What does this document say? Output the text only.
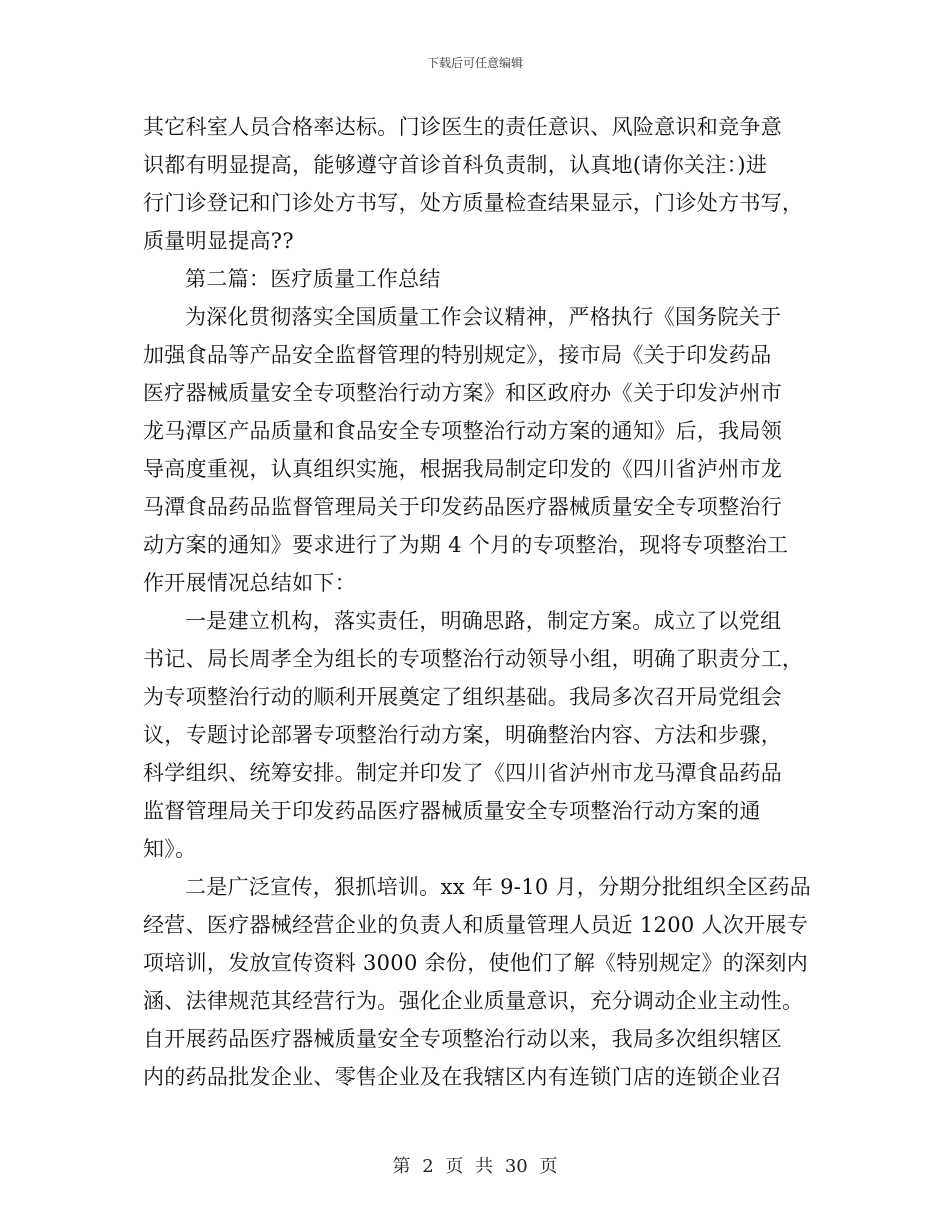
下载后可任意编辑
其它科室人员合格率达标。门诊医生的责任意识、风险意识和竞争意
识都有明显提高，能够遵守首诊首科负责制，认真地(请你关注：)进
行门诊登记和门诊处方书写，处方质量检查结果显示，门诊处方书写，
质量明显提高??
第二篇：医疗质量工作总结
为深化贯彻落实全国质量工作会议精神，严格执行《国务院关于
加强食品等产品安全监督管理的特别规定》，接市局《关于印发药品
医疗器械质量安全专项整治行动方案》和区政府办《关于印发泸州市
龙马潭区产品质量和食品安全专项整治行动方案的通知》后，我局领
导高度重视，认真组织实施，根据我局制定印发的《四川省泸州市龙
马潭食品药品监督管理局关于印发药品医疗器械质量安全专项整治行
动方案的通知》要求进行了为期 4 个月的专项整治，现将专项整治工
作开展情况总结如下：
一是建立机构，落实责任，明确思路，制定方案。成立了以党组
书记、局长周孝全为组长的专项整治行动领导小组，明确了职责分工，
为专项整治行动的顺利开展奠定了组织基础。我局多次召开局党组会
议，专题讨论部署专项整治行动方案，明确整治内容、方法和步骤，
科学组织、统筹安排。制定并印发了《四川省泸州市龙马潭食品药品
监督管理局关于印发药品医疗器械质量安全专项整治行动方案的通
知》。
二是广泛宣传，狠抓培训。xx 年 9-10 月，分期分批组织全区药品
经营、医疗器械经营企业的负责人和质量管理人员近 1200 人次开展专
项培训，发放宣传资料 3000 余份，使他们了解《特别规定》的深刻内
涵、法律规范其经营行为。强化企业质量意识，充分调动企业主动性。
自开展药品医疗器械质量安全专项整治行动以来，我局多次组织辖区
内的药品批发企业、零售企业及在我辖区内有连锁门店的连锁企业召
第 2 页 共 30 页
